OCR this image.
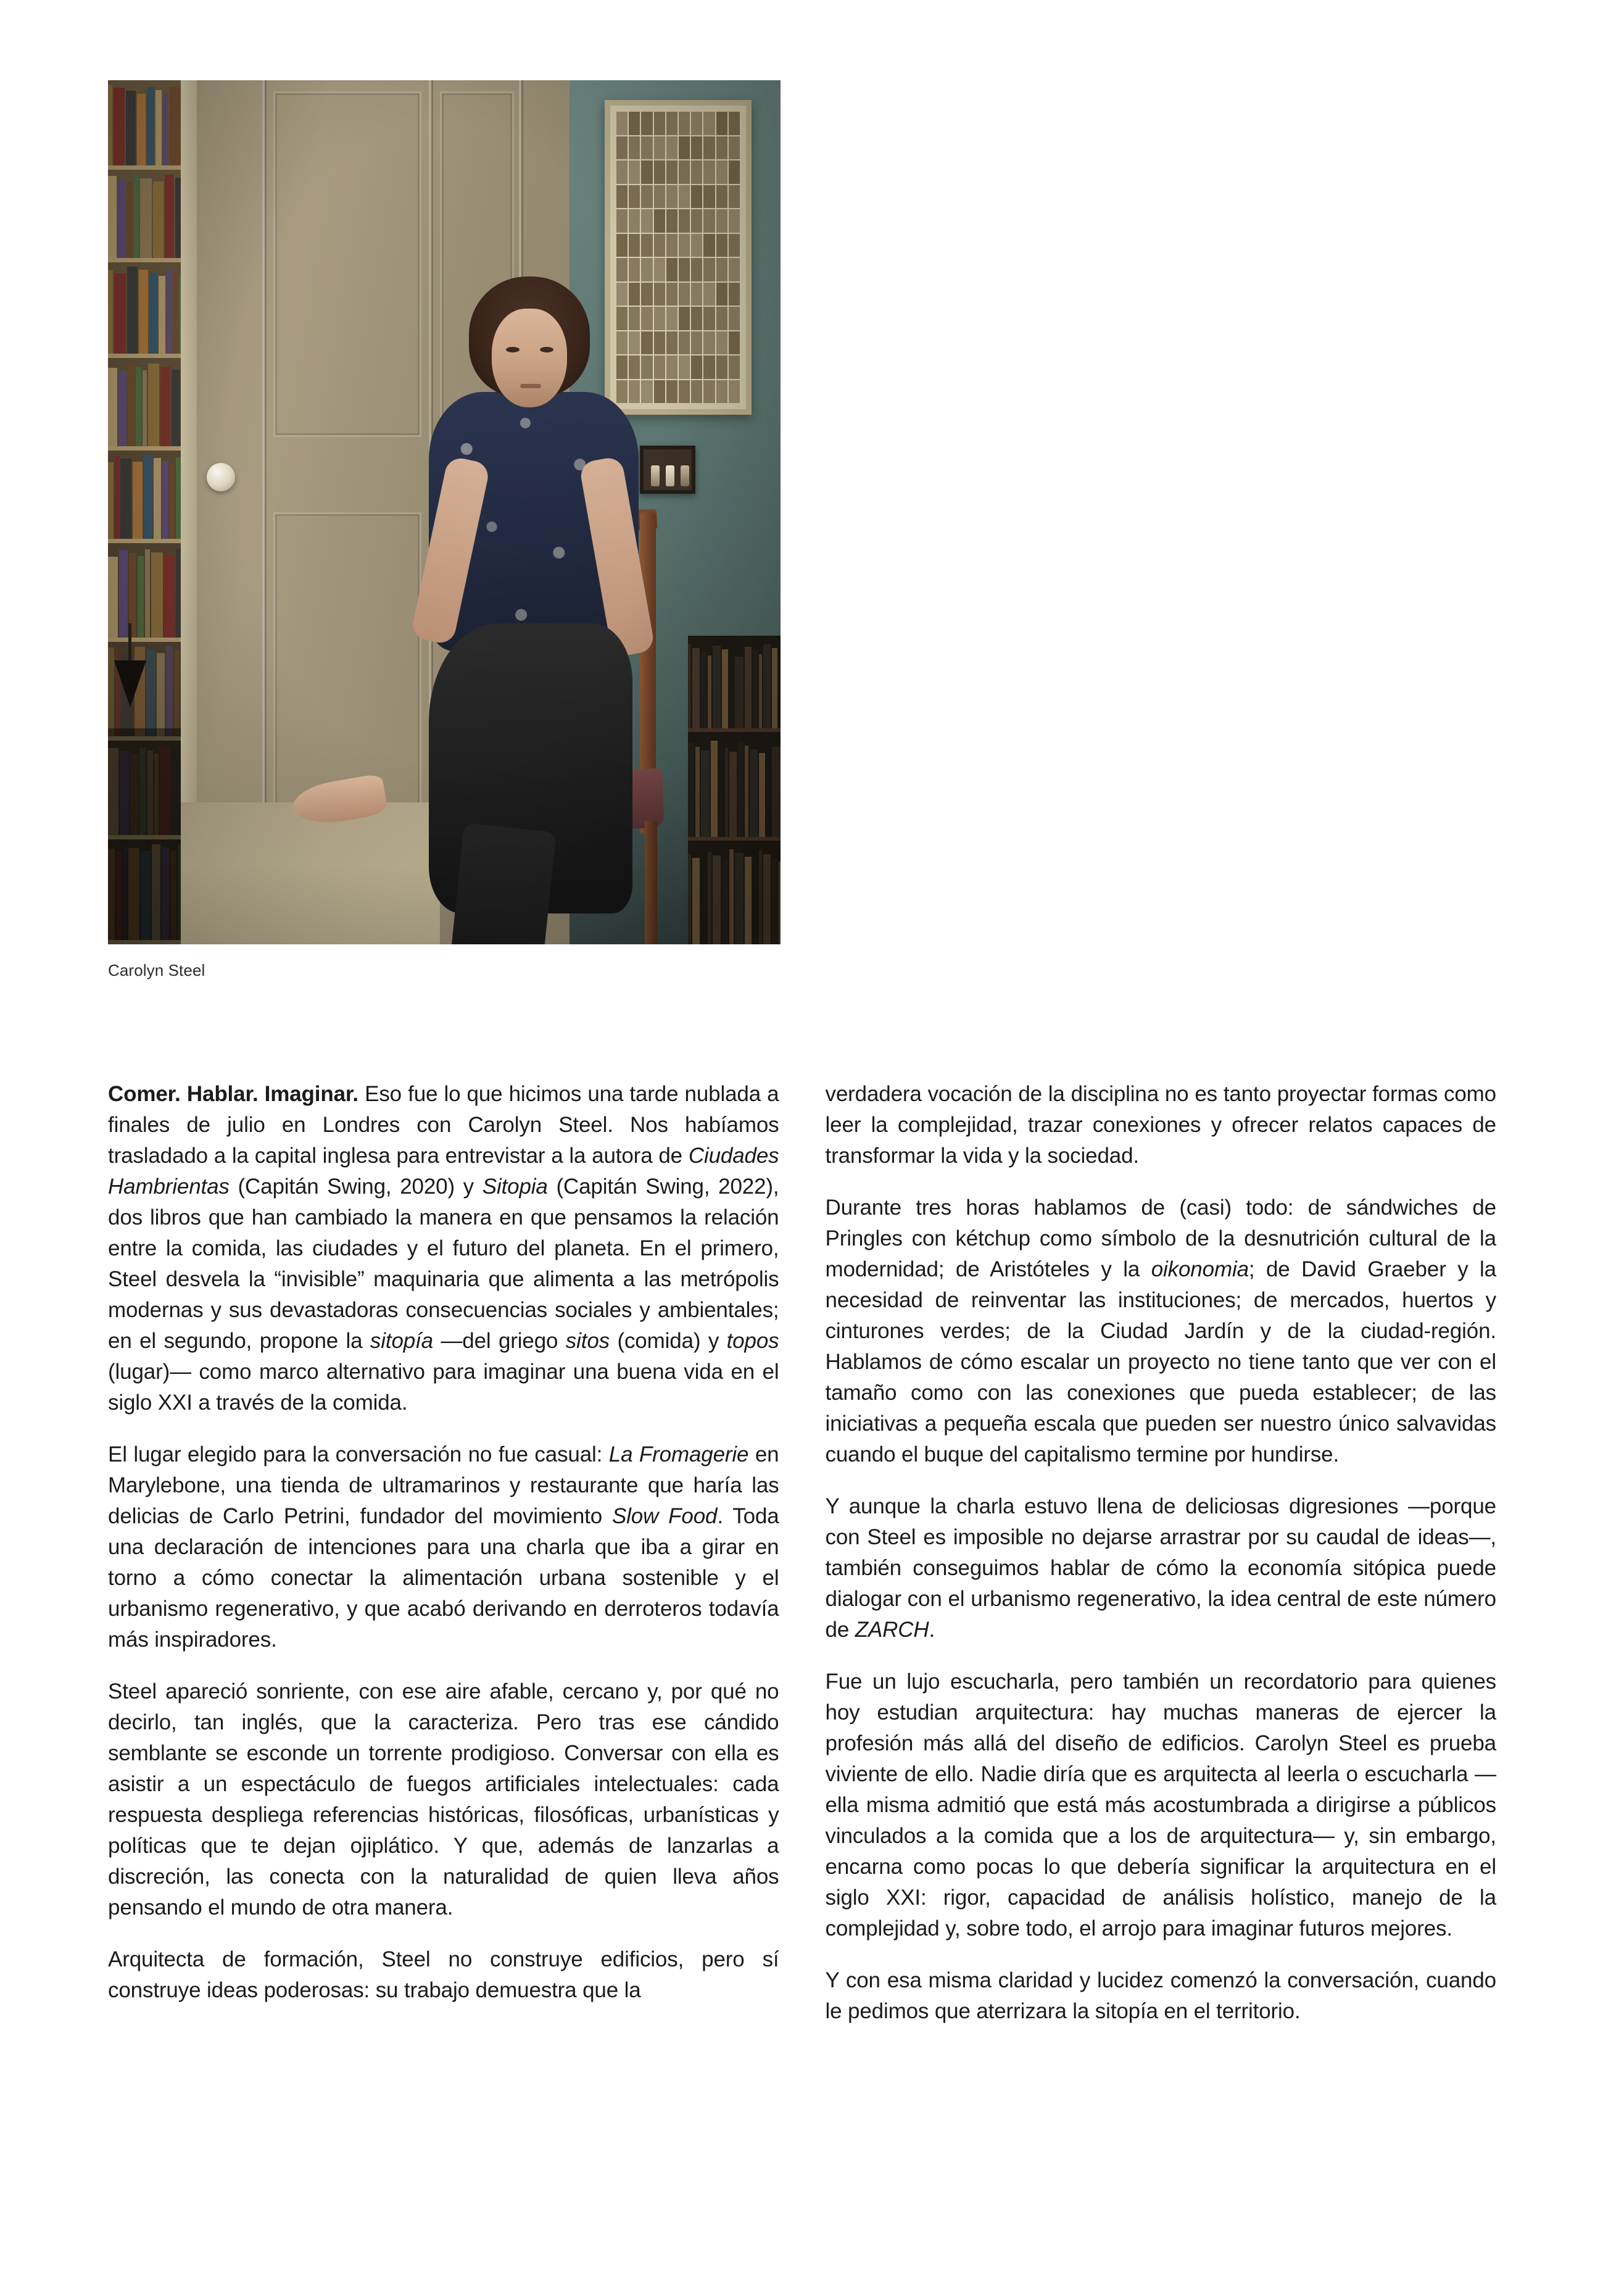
Carolyn Steel

Comer. Hablar. Imaginar. Eso fue lo que hicimos una tarde nublada a finales de julio en Londres con Carolyn Steel. Nos habíamos trasladado a la capital inglesa para entrevistar a la autora de Ciudades Hambrientas (Capitán Swing, 2020) y Sitopia (Capitán Swing, 2022), dos libros que han cambiado la manera en que pensamos la relación entre la comida, las ciudades y el futuro del planeta. En el primero, Steel desvela la “invisible” maquinaria que alimenta a las metrópolis modernas y sus devastadoras consecuencias sociales y ambientales; en el segundo, propone la sitopía —del griego sitos (comida) y topos (lugar)— como marco alternativo para imaginar una buena vida en el siglo XXI a través de la comida.

El lugar elegido para la conversación no fue casual: La Fromagerie en Marylebone, una tienda de ultramarinos y restaurante que haría las delicias de Carlo Petrini, fundador del movimiento Slow Food. Toda una declaración de intenciones para una charla que iba a girar en torno a cómo conectar la alimentación urbana sostenible y el urbanismo regenerativo, y que acabó derivando en derroteros todavía más inspiradores.

Steel apareció sonriente, con ese aire afable, cercano y, por qué no decirlo, tan inglés, que la caracteriza. Pero tras ese cándido semblante se esconde un torrente prodigioso. Conversar con ella es asistir a un espectáculo de fuegos artificiales intelectuales: cada respuesta despliega referencias históricas, filosóficas, urbanísticas y políticas que te dejan ojiplático. Y que, además de lanzarlas a discreción, las conecta con la naturalidad de quien lleva años pensando el mundo de otra manera.

Arquitecta de formación, Steel no construye edificios, pero sí construye ideas poderosas: su trabajo demuestra que la

verdadera vocación de la disciplina no es tanto proyectar formas como leer la complejidad, trazar conexiones y ofrecer relatos capaces de transformar la vida y la sociedad.

Durante tres horas hablamos de (casi) todo: de sándwiches de Pringles con kétchup como símbolo de la desnutrición cultural de la modernidad; de Aristóteles y la oikonomia; de David Graeber y la necesidad de reinventar las instituciones; de mercados, huertos y cinturones verdes; de la Ciudad Jardín y de la ciudad-región. Hablamos de cómo escalar un proyecto no tiene tanto que ver con el tamaño como con las conexiones que pueda establecer; de las iniciativas a pequeña escala que pueden ser nuestro único salvavidas cuando el buque del capitalismo termine por hundirse.

Y aunque la charla estuvo llena de deliciosas digresiones —porque con Steel es imposible no dejarse arrastrar por su caudal de ideas—, también conseguimos hablar de cómo la economía sitópica puede dialogar con el urbanismo regenerativo, la idea central de este número de ZARCH.

Fue un lujo escucharla, pero también un recordatorio para quienes hoy estudian arquitectura: hay muchas maneras de ejercer la profesión más allá del diseño de edificios. Carolyn Steel es prueba viviente de ello. Nadie diría que es arquitecta al leerla o escucharla —ella misma admitió que está más acostumbrada a dirigirse a públicos vinculados a la comida que a los de arquitectura— y, sin embargo, encarna como pocas lo que debería significar la arquitectura en el siglo XXI: rigor, capacidad de análisis holístico, manejo de la complejidad y, sobre todo, el arrojo para imaginar futuros mejores.

Y con esa misma claridad y lucidez comenzó la conversación, cuando le pedimos que aterrizara la sitopía en el territorio.
